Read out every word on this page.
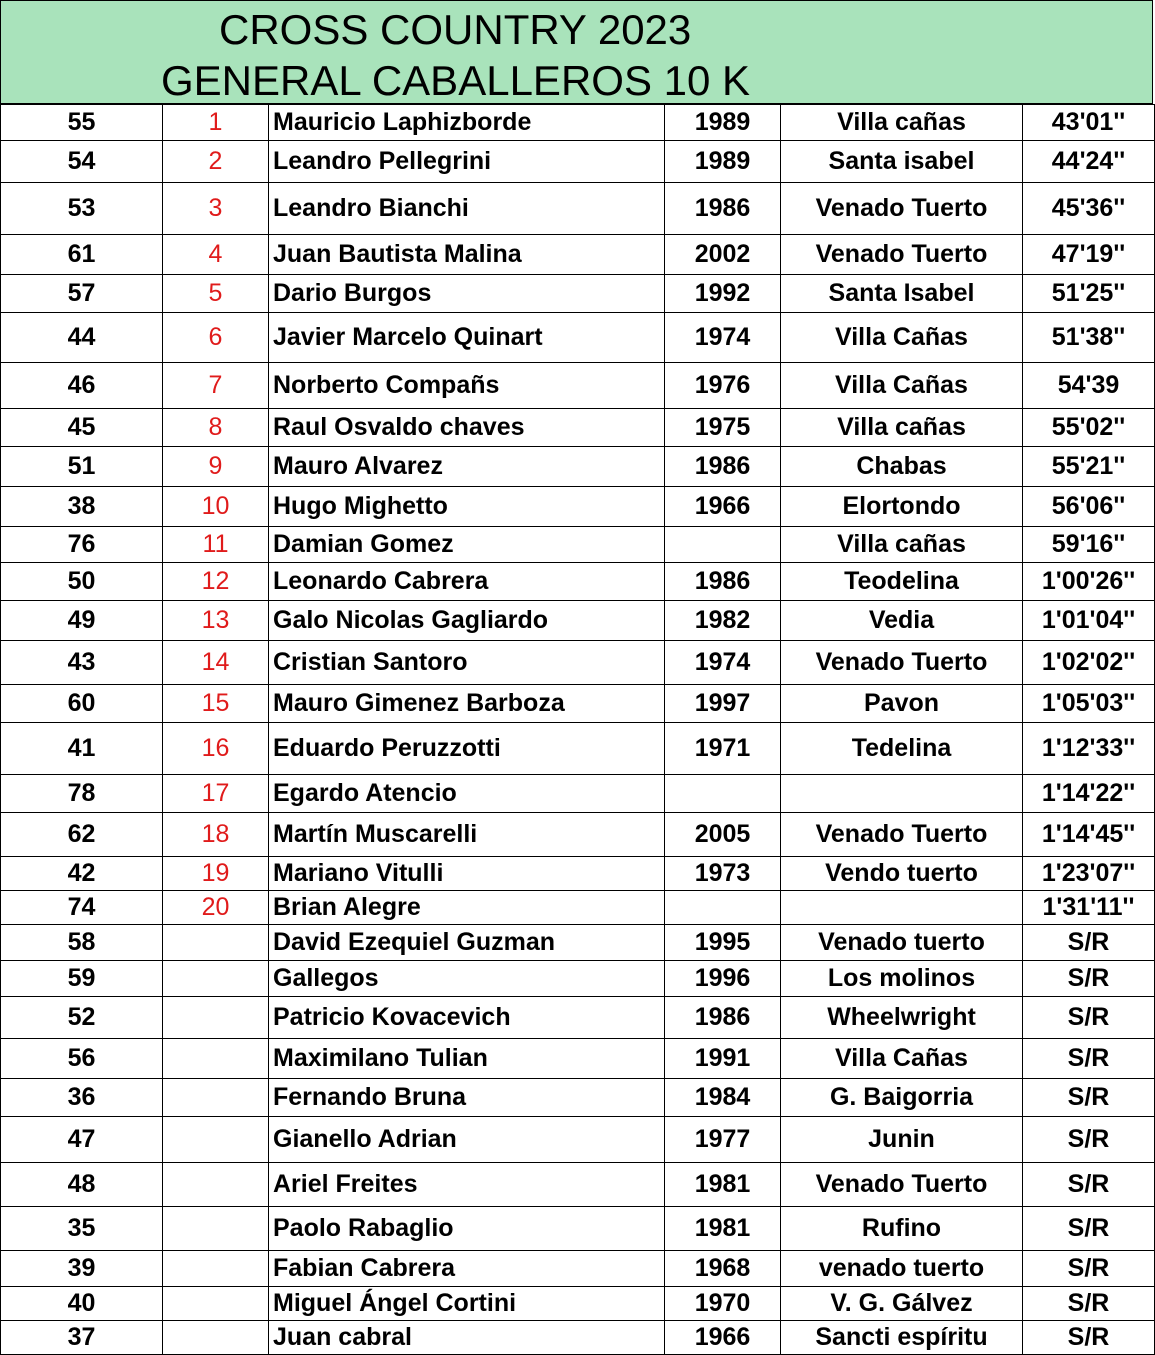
CROSS COUNTRY 2023
GENERAL CABALLEROS 10 K
55	1	Mauricio Laphizborde	1989	Villa cañas	43'01''
54	2	Leandro Pellegrini	1989	Santa isabel	44'24''
53	3	Leandro Bianchi	1986	Venado Tuerto	45'36''
61	4	Juan Bautista Malina	2002	Venado Tuerto	47'19''
57	5	Dario Burgos	1992	Santa Isabel	51'25''
44	6	Javier Marcelo Quinart	1974	Villa Cañas	51'38''
46	7	Norberto Compañs	1976	Villa Cañas	54'39
45	8	Raul Osvaldo chaves	1975	Villa cañas	55'02''
51	9	Mauro Alvarez	1986	Chabas	55'21''
38	10	Hugo Mighetto	1966	Elortondo	56'06''
76	11	Damian Gomez		Villa cañas	59'16''
50	12	Leonardo Cabrera	1986	Teodelina	1'00'26''
49	13	Galo Nicolas Gagliardo	1982	Vedia	1'01'04''
43	14	Cristian Santoro	1974	Venado Tuerto	1'02'02''
60	15	Mauro Gimenez Barboza	1997	Pavon	1'05'03''
41	16	Eduardo Peruzzotti	1971	Tedelina	1'12'33''
78	17	Egardo Atencio			1'14'22''
62	18	Martín Muscarelli	2005	Venado Tuerto	1'14'45''
42	19	Mariano Vitulli	1973	Vendo tuerto	1'23'07''
74	20	Brian Alegre			1'31'11''
58		David Ezequiel Guzman	1995	Venado tuerto	S/R
59		Gallegos	1996	Los molinos	S/R
52		Patricio Kovacevich	1986	Wheelwright	S/R
56		Maximilano Tulian	1991	Villa Cañas	S/R
36		Fernando Bruna	1984	G. Baigorria	S/R
47		Gianello Adrian	1977	Junin	S/R
48		Ariel Freites	1981	Venado Tuerto	S/R
35		Paolo Rabaglio	1981	Rufino	S/R
39		Fabian Cabrera	1968	venado tuerto	S/R
40		Miguel Ángel Cortini	1970	V. G. Gálvez	S/R
37		Juan cabral	1966	Sancti espíritu	S/R
